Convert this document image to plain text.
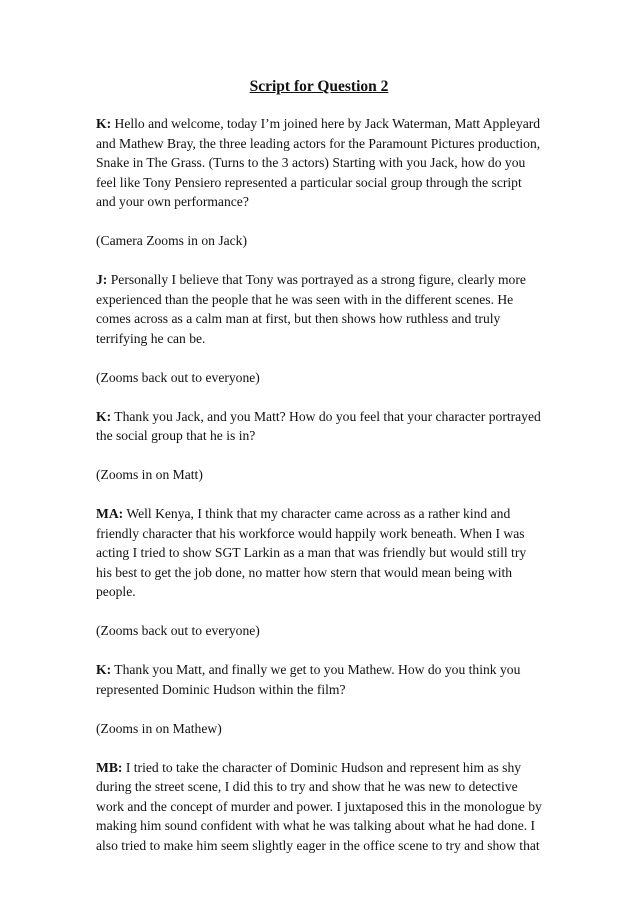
Script for Question 2

K: Hello and welcome, today I’m joined here by Jack Waterman, Matt Appleyard and Mathew Bray, the three leading actors for the Paramount Pictures production, Snake in The Grass. (Turns to the 3 actors) Starting with you Jack, how do you feel like Tony Pensiero represented a particular social group through the script and your own performance?

(Camera Zooms in on Jack)

J: Personally I believe that Tony was portrayed as a strong figure, clearly more experienced than the people that he was seen with in the different scenes. He comes across as a calm man at first, but then shows how ruthless and truly terrifying he can be.

(Zooms back out to everyone)

K: Thank you Jack, and you Matt? How do you feel that your character portrayed the social group that he is in?

(Zooms in on Matt)

MA: Well Kenya, I think that my character came across as a rather kind and friendly character that his workforce would happily work beneath. When I was acting I tried to show SGT Larkin as a man that was friendly but would still try his best to get the job done, no matter how stern that would mean being with people.

(Zooms back out to everyone)

K: Thank you Matt, and finally we get to you Mathew. How do you think you represented Dominic Hudson within the film?

(Zooms in on Mathew)

MB: I tried to take the character of Dominic Hudson and represent him as shy during the street scene, I did this to try and show that he was new to detective work and the concept of murder and power. I juxtaposed this in the monologue by making him sound confident with what he was talking about what he had done. I also tried to make him seem slightly eager in the office scene to try and show that
